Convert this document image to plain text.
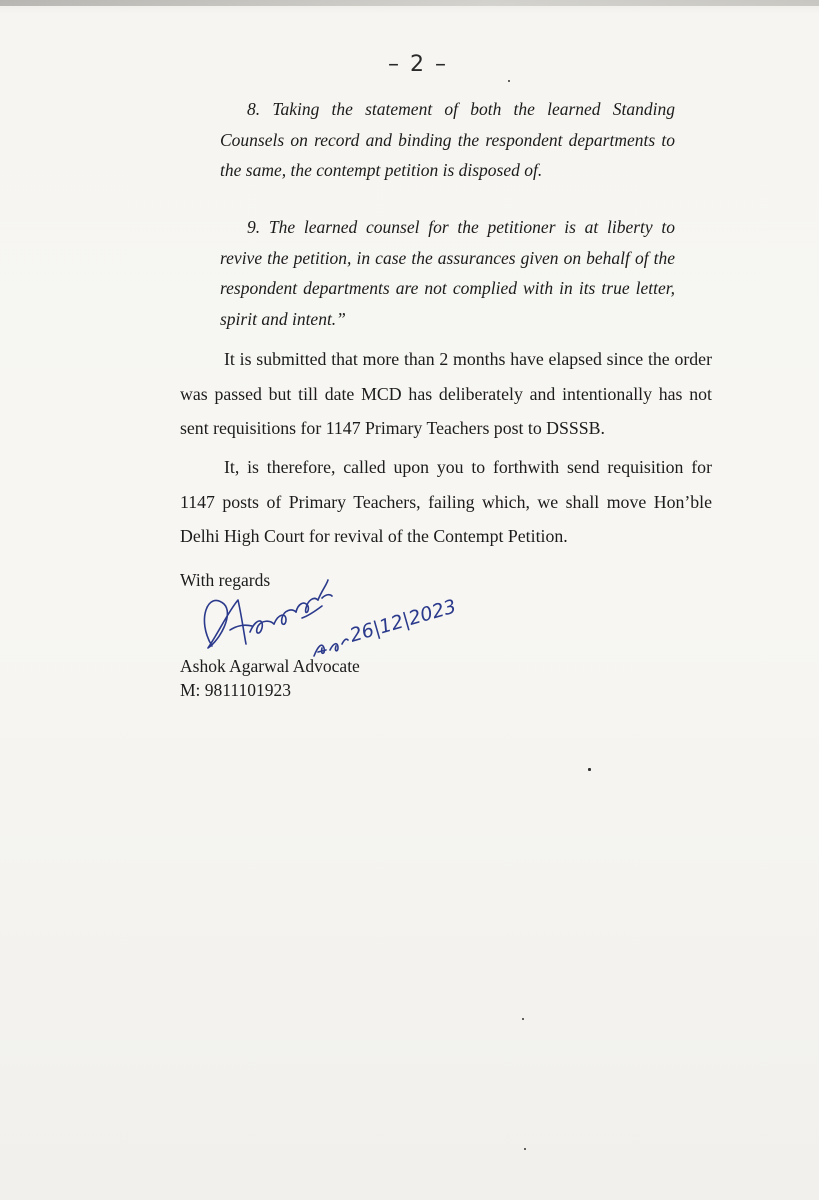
– 2 –
8. Taking the statement of both the learned Standing Counsels on record and binding the respondent departments to the same, the contempt petition is disposed of.
9. The learned counsel for the petitioner is at liberty to revive the petition, in case the assurances given on behalf of the respondent departments are not complied with in its true letter, spirit and intent.”
It is submitted that more than 2 months have elapsed since the order was passed but till date MCD has deliberately and intentionally has not sent requisitions for 1147 Primary Teachers post to DSSSB.
It, is therefore, called upon you to forthwith send requisition for 1147 posts of Primary Teachers, failing which, we shall move Hon’ble Delhi High Court for revival of the Contempt Petition.
With regards
26|12|2023
Ashok Agarwal Advocate
M: 9811101923
